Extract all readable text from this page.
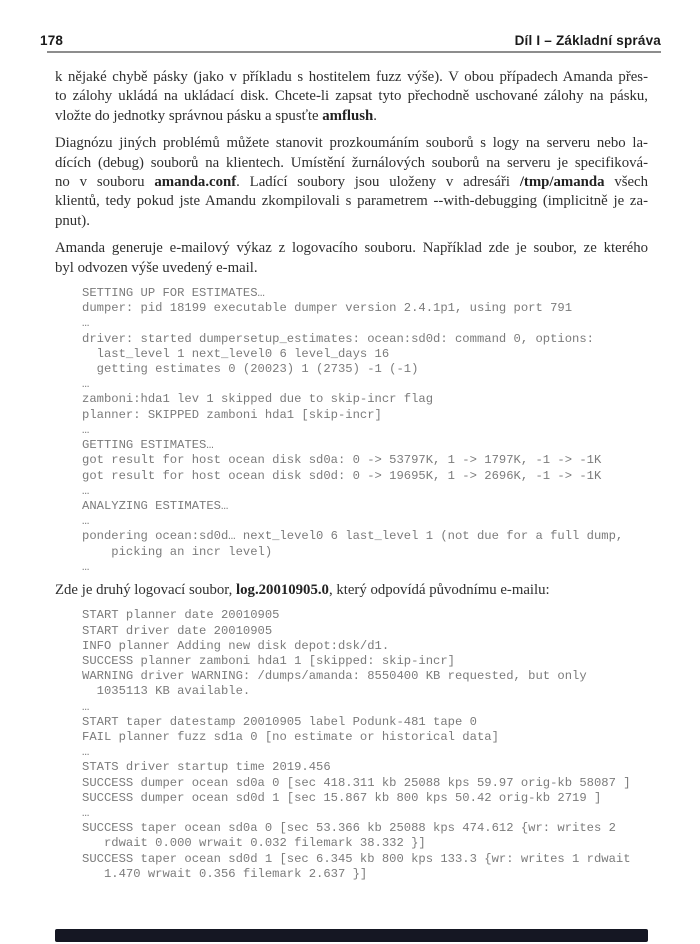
178	Díl I – Základní správa
k nějaké chybě pásky (jako v příkladu s hostitelem fuzz výše). V obou případech Amanda přes-
to zálohy ukládá na ukládací disk. Chcete-li zapsat tyto přechodně uschované zálohy na pásku,
vložte do jednotky správnou pásku a spusťte amflush.
Diagnózu jiných problémů můžete stanovit prozkoumáním souborů s logy na serveru nebo la-
dících (debug) souborů na klientech. Umístění žurnálových souborů na serveru je specifiková-
no v souboru amanda.conf. Ladící soubory jsou uloženy v adresáři /tmp/amanda všech
klientů, tedy pokud jste Amandu zkompilovali s parametrem --with-debugging (implicitně je za-
pnut).
Amanda generuje e-mailový výkaz z logovacího souboru. Například zde je soubor, ze kterého
byl odvozen výše uvedený e-mail.
SETTING UP FOR ESTIMATES…
dumper: pid 18199 executable dumper version 2.4.1p1, using port 791
…
driver: started dumpersetup_estimates: ocean:sd0d: command 0, options:
last_level 1 next_level0 6 level_days 16
getting estimates 0 (20023) 1 (2735) -1 (-1)
…
zamboni:hda1 lev 1 skipped due to skip-incr flag
planner: SKIPPED zamboni hda1 [skip-incr]
…
GETTING ESTIMATES…
got result for host ocean disk sd0a: 0 -> 53797K, 1 -> 1797K, -1 -> -1K
got result for host ocean disk sd0d: 0 -> 19695K, 1 -> 2696K, -1 -> -1K
…
ANALYZING ESTIMATES…
…
pondering ocean:sd0d… next_level0 6 last_level 1 (not due for a full dump,
picking an incr level)
…
Zde je druhý logovací soubor, log.20010905.0, který odpovídá původnímu e-mailu:
START planner date 20010905
START driver date 20010905
INFO planner Adding new disk depot:dsk/d1.
SUCCESS planner zamboni hda1 1 [skipped: skip-incr]
WARNING driver WARNING: /dumps/amanda: 8550400 KB requested, but only
1035113 KB available.
…
START taper datestamp 20010905 label Podunk-481 tape 0
FAIL planner fuzz sd1a 0 [no estimate or historical data]
…
STATS driver startup time 2019.456
SUCCESS dumper ocean sd0a 0 [sec 418.311 kb 25088 kps 59.97 orig-kb 58087 ]
SUCCESS dumper ocean sd0d 1 [sec 15.867 kb 800 kps 50.42 orig-kb 2719 ]
…
SUCCESS taper ocean sd0a 0 [sec 53.366 kb 25088 kps 474.612 {wr: writes 2
rdwait 0.000 wrwait 0.032 filemark 38.332 }]
SUCCESS taper ocean sd0d 1 [sec 6.345 kb 800 kps 133.3 {wr: writes 1 rdwait
1.470 wrwait 0.356 filemark 2.637 }]
